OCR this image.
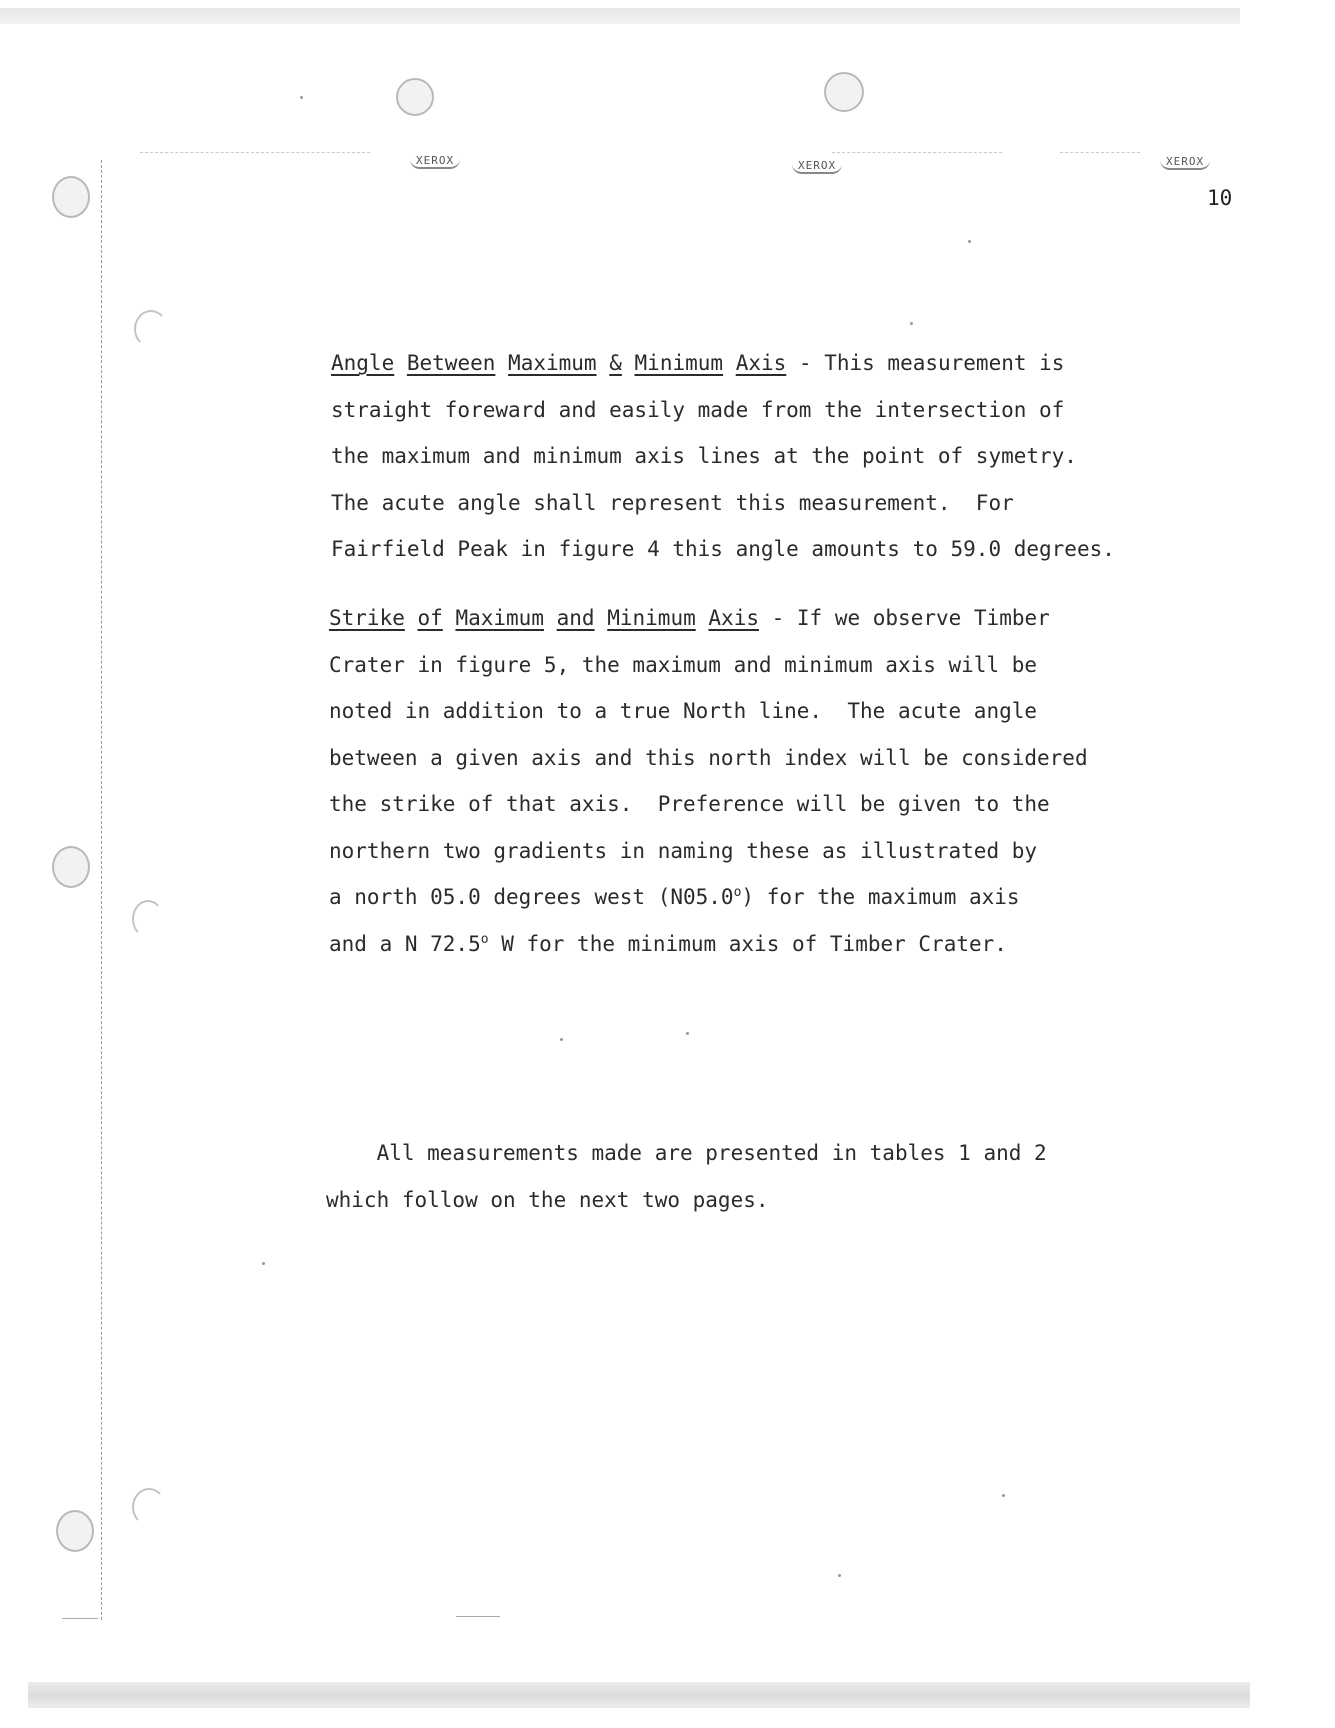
XEROX	XEROX	XEROX
10
Angle Between Maximum & Minimum Axis - This measurement is
straight foreward and easily made from the intersection of
the maximum and minimum axis lines at the point of symetry.
The acute angle shall represent this measurement.  For
Fairfield Peak in figure 4 this angle amounts to 59.0 degrees.
Strike of Maximum and Minimum Axis - If we observe Timber
Crater in figure 5, the maximum and minimum axis will be
noted in addition to a true North line.  The acute angle
between a given axis and this north index will be considered
the strike of that axis.  Preference will be given to the
northern two gradients in naming these as illustrated by
a north 05.0 degrees west (N05.0$^o$) for the maximum axis
and a N 72.5$^o$ W for the minimum axis of Timber Crater.
All measurements made are presented in tables 1 and 2
which follow on the next two pages.
